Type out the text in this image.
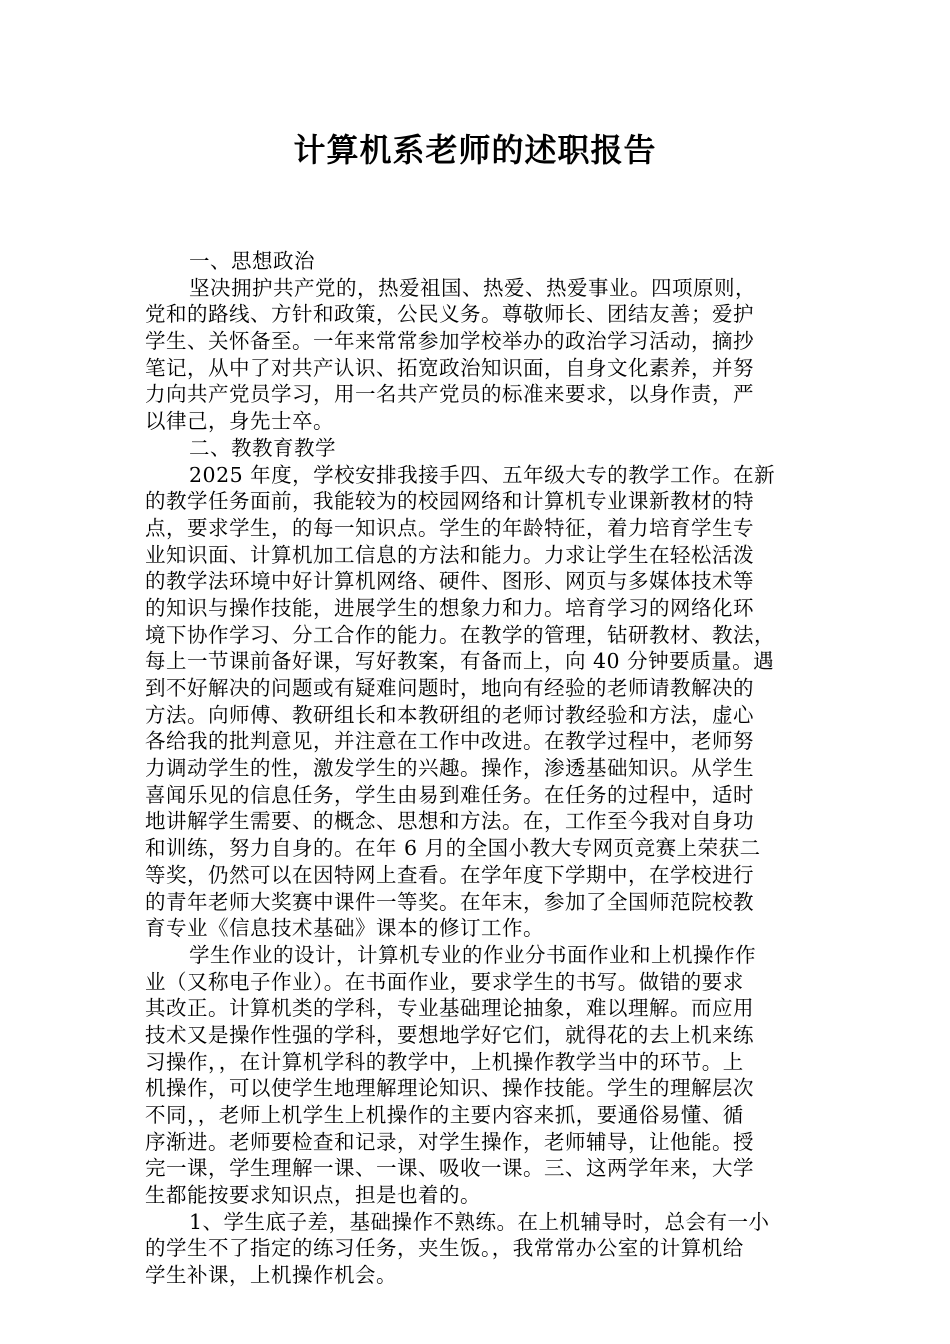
计算机系老师的述职报告
一、思想政治
坚决拥护共产党的，热爱祖国、热爱、热爱事业。四项原则，
党和的路线、方针和政策，公民义务。尊敬师长、团结友善；爱护
学生、关怀备至。一年来常常参加学校举办的政治学习活动，摘抄
笔记，从中了对共产认识、拓宽政治知识面，自身文化素养，并努
力向共产党员学习，用一名共产党员的标准来要求，以身作责，严
以律己，身先士卒。
二、教教育教学
2025 年度，学校安排我接手四、五年级大专的教学工作。在新
的教学任务面前，我能较为的校园网络和计算机专业课新教材的特
点，要求学生，的每一知识点。学生的年龄特征，着力培育学生专
业知识面、计算机加工信息的方法和能力。力求让学生在轻松活泼
的教学法环境中好计算机网络、硬件、图形、网页与多媒体技术等
的知识与操作技能，进展学生的想象力和力。培育学习的网络化环
境下协作学习、分工合作的能力。在教学的管理，钻研教材、教法，
每上一节课前备好课，写好教案，有备而上，向 40 分钟要质量。遇
到不好解决的问题或有疑难问题时，地向有经验的老师请教解决的
方法。向师傅、教研组长和本教研组的老师讨教经验和方法，虚心
各给我的批判意见，并注意在工作中改进。在教学过程中，老师努
力调动学生的性，激发学生的兴趣。操作，渗透基础知识。从学生
喜闻乐见的信息任务，学生由易到难任务。在任务的过程中，适时
地讲解学生需要、的概念、思想和方法。在，工作至今我对自身功
和训练，努力自身的。在年 6 月的全国小教大专网页竞赛上荣获二
等奖，仍然可以在因特网上查看。在学年度下学期中，在学校进行
的青年老师大奖赛中课件一等奖。在年末，参加了全国师范院校教
育专业《信息技术基础》课本的修订工作。
学生作业的设计，计算机专业的作业分书面作业和上机操作作
业（又称电子作业）。在书面作业，要求学生的书写。做错的要求
其改正。计算机类的学科，专业基础理论抽象，难以理解。而应用
技术又是操作性强的学科，要想地学好它们，就得花的去上机来练
习操作，，在计算机学科的教学中，上机操作教学当中的环节。上
机操作，可以使学生地理解理论知识、操作技能。学生的理解层次
不同，，老师上机学生上机操作的主要内容来抓，要通俗易懂、循
序渐进。老师要检查和记录，对学生操作，老师辅导，让他能。授
完一课，学生理解一课、一课、吸收一课。三、这两学年来，大学
生都能按要求知识点，担是也着的。
1、学生底子差，基础操作不熟练。在上机辅导时，总会有一小
的学生不了指定的练习任务，夹生饭。，我常常办公室的计算机给
学生补课，上机操作机会。
